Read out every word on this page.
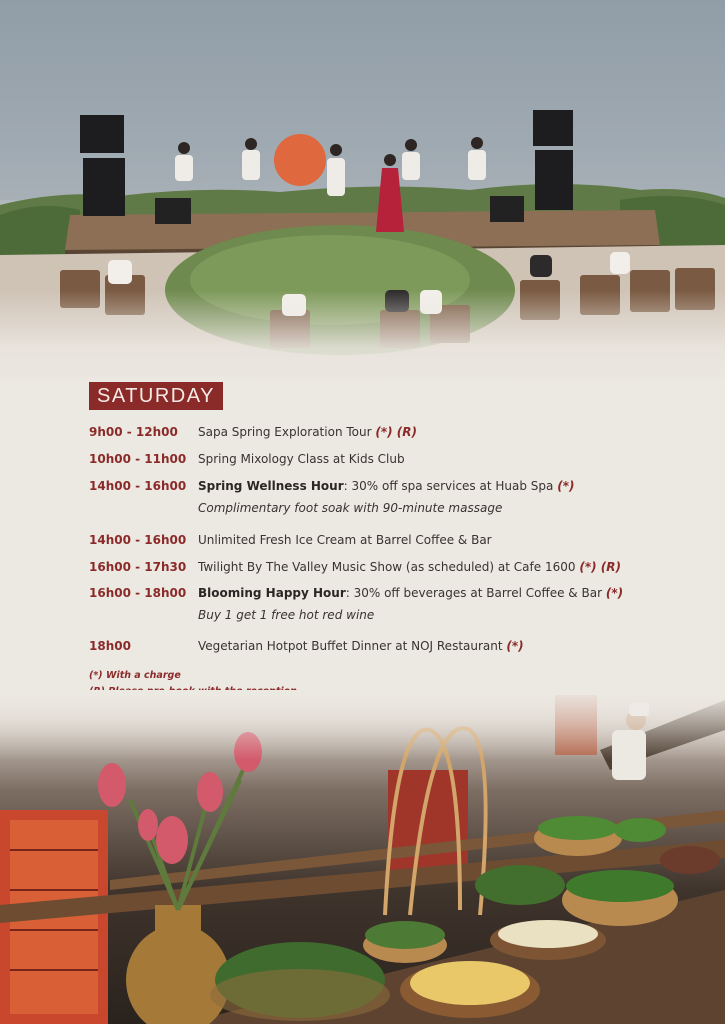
SATURDAY
9h00 - 12h00	Sapa Spring Exploration Tour (*) (R)
10h00 - 11h00 Spring Mixology Class at Kids Club
14h00 - 16h00 Spring Wellness Hour: 30% off spa services at Huab Spa (*)
Complimentary foot soak with 90-minute massage
14h00 - 16h00 Unlimited Fresh Ice Cream at Barrel Coffee & Bar
16h00 - 17h30 Twilight By The Valley Music Show (as scheduled) at Cafe 1600 (*) (R)
16h00 - 18h00 Blooming Happy Hour: 30% off beverages at Barrel Coffee & Bar (*)
Buy 1 get 1 free hot red wine
18h00	Vegetarian Hotpot Buffet Dinner at NOJ Restaurant (*)
(*) With a charge
